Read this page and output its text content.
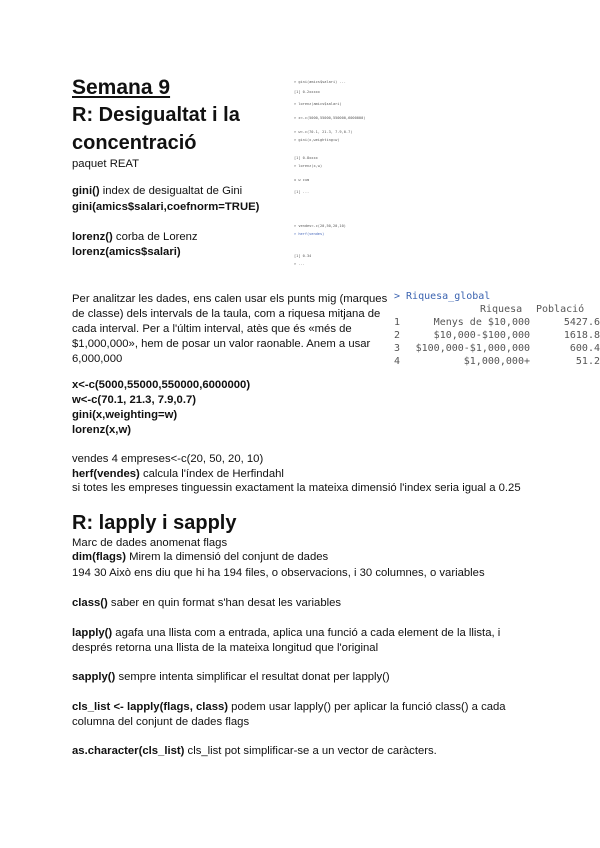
Semana 9
R: Desigualtat i la
concentració
paquet REAT
gini() index de desigualtat de Gini
gini(amics$salari,coefnorm=TRUE)
lorenz() corba de Lorenz
lorenz(amics$salari)
> gini(amics$salari) ...
[1] 0.2xxxxx
> lorenz(amics$salari)
> x<-c(5000,55000,550000,6000000)
> w<-c(70.1, 21.3, 7.9,0.7)
> gini(x,weighting=w)
[1] 0.8xxxx
> lorenz(x,w)
x w cum
[1] ...
> vendes<-c(20,50,20,10)
> herf(vendes)
[1] 0.34
> ...
Per analitzar les dades, ens calen usar els punts mig (marques
de classe) dels intervals de la taula, com a riquesa mitjana de
cada interval. Per a l'últim interval, atès que és «més de
$1,000,000», hem de posar un valor raonable. Anem a usar
6,000,000
> Riquesa_global
Riquesa Població
1	Menys de $10,000	5427.6
2	$10,000-$100,000	1618.8
3 $100,000-$1,000,000	600.4
4	$1,000,000+	51.2
x<-c(5000,55000,550000,6000000)
w<-c(70.1, 21.3, 7.9,0.7)
gini(x,weighting=w)
lorenz(x,w)
vendes 4 empreses<-c(20, 50, 20, 10)
herf(vendes) calcula l'índex de Herfindahl
si totes les empreses tinguessin exactament la mateixa dimensió l'index seria igual a 0.25
R: lapply i sapply
Marc de dades anomenat flags
dim(flags) Mirem la dimensió del conjunt de dades
194 30 Això ens diu que hi ha 194 files, o observacions, i 30 columnes, o variables
class() saber en quin format s'han desat les variables
lapply() agafa una llista com a entrada, aplica una funció a cada element de la llista, i
després retorna una llista de la mateixa longitud que l'original
sapply() sempre intenta simplificar el resultat donat per lapply()
cls_list <- lapply(flags, class) podem usar lapply() per aplicar la funció class() a cada
columna del conjunt de dades flags
as.character(cls_list) cls_list pot simplificar-se a un vector de caràcters.
